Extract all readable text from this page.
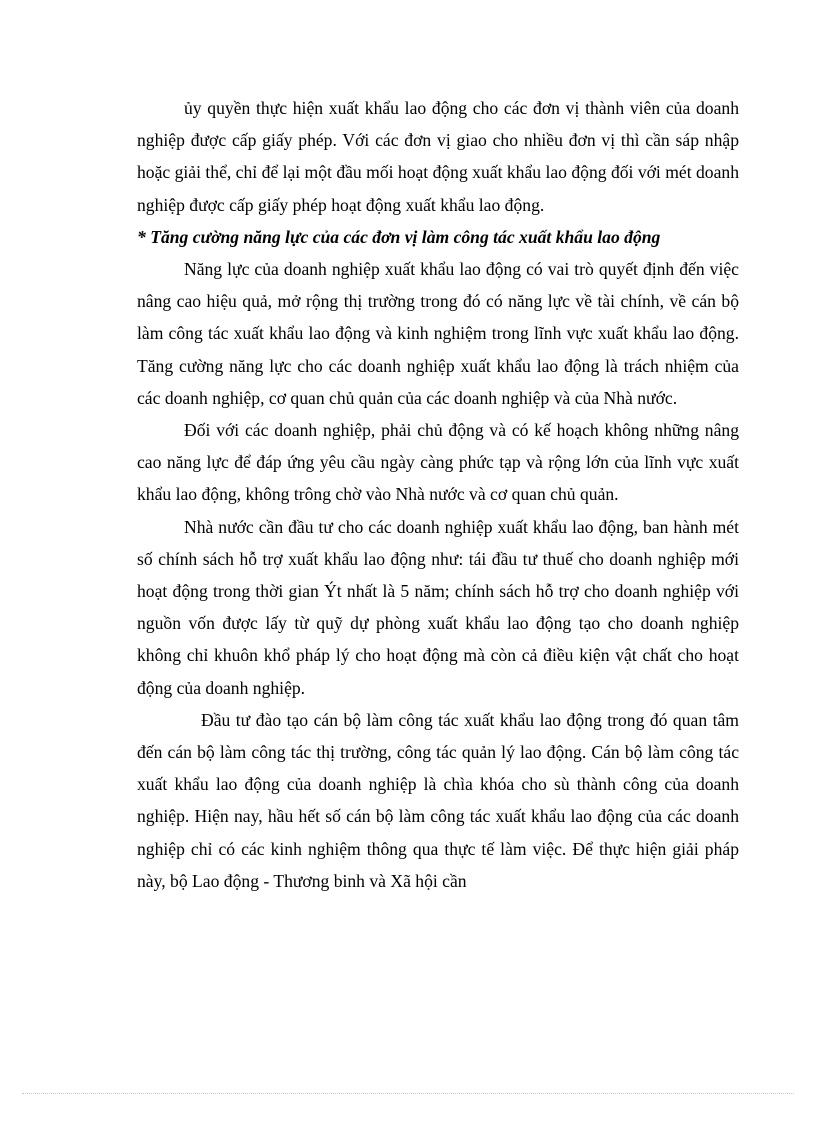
ủy quyền thực hiện xuất khẩu lao động cho các đơn vị thành viên của doanh nghiệp được cấp giấy phép. Với các đơn vị giao cho nhiều đơn vị thì cần sáp nhập hoặc giải thể, chỉ để lại một đầu mối hoạt động xuất khẩu lao động đối với mét doanh nghiệp được cấp giấy phép hoạt động xuất khẩu lao động.

* Tăng cường năng lực của các đơn vị làm công tác xuất khẩu lao động

Năng lực của doanh nghiệp xuất khẩu lao động có vai trò quyết định đến việc nâng cao hiệu quả, mở rộng thị trường trong đó có năng lực về tài chính, về cán bộ làm công tác xuất khẩu lao động và kinh nghiệm trong lĩnh vực xuất khẩu lao động. Tăng cường năng lực cho các doanh nghiệp xuất khẩu lao động là trách nhiệm của các doanh nghiệp, cơ quan chủ quản của các doanh nghiệp và của Nhà nước.

Đối với các doanh nghiệp, phải chủ động và có kế hoạch không những nâng cao năng lực để đáp ứng yêu cầu ngày càng phức tạp và rộng lớn của lĩnh vực xuất khẩu lao động, không trông chờ vào Nhà nước và cơ quan chủ quản.

Nhà nước cần đầu tư cho các doanh nghiệp xuất khẩu lao động, ban hành mét số chính sách hỗ trợ xuất khẩu lao động như: tái đầu tư thuế cho doanh nghiệp mới hoạt động trong thời gian Ýt nhất là 5 năm; chính sách hỗ trợ cho doanh nghiệp với nguồn vốn được lấy từ quỹ dự phòng xuất khẩu lao động tạo cho doanh nghiệp không chỉ khuôn khổ pháp lý cho hoạt động mà còn cả điều kiện vật chất cho hoạt động của doanh nghiệp.

Đầu tư đào tạo cán bộ làm công tác xuất khẩu lao động trong đó quan tâm đến cán bộ làm công tác thị trường, công tác quản lý lao động. Cán bộ làm công tác xuất khẩu lao động của doanh nghiệp là chìa khóa cho sù thành công của doanh nghiệp. Hiện nay, hầu hết số cán bộ làm công tác xuất khẩu lao động của các doanh nghiệp chỉ có các kinh nghiệm thông qua thực tế làm việc. Để thực hiện giải pháp này, bộ Lao động - Thương binh và Xã hội cần
